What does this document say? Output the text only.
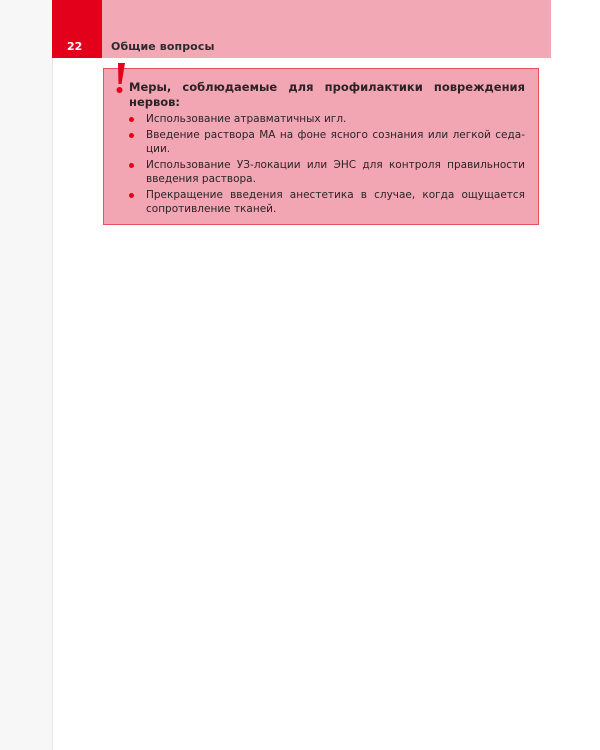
22	Общие вопросы

Меры, соблюдаемые для профилактики повреждения нервов:

Использование атравматичных игл.
Введение раствора МА на фоне ясного сознания или легкой седации.
Использование УЗ-локации или ЭНС для контроля правильности введения раствора.
Прекращение введения анестетика в случае, когда ощущается сопротивление тканей.
